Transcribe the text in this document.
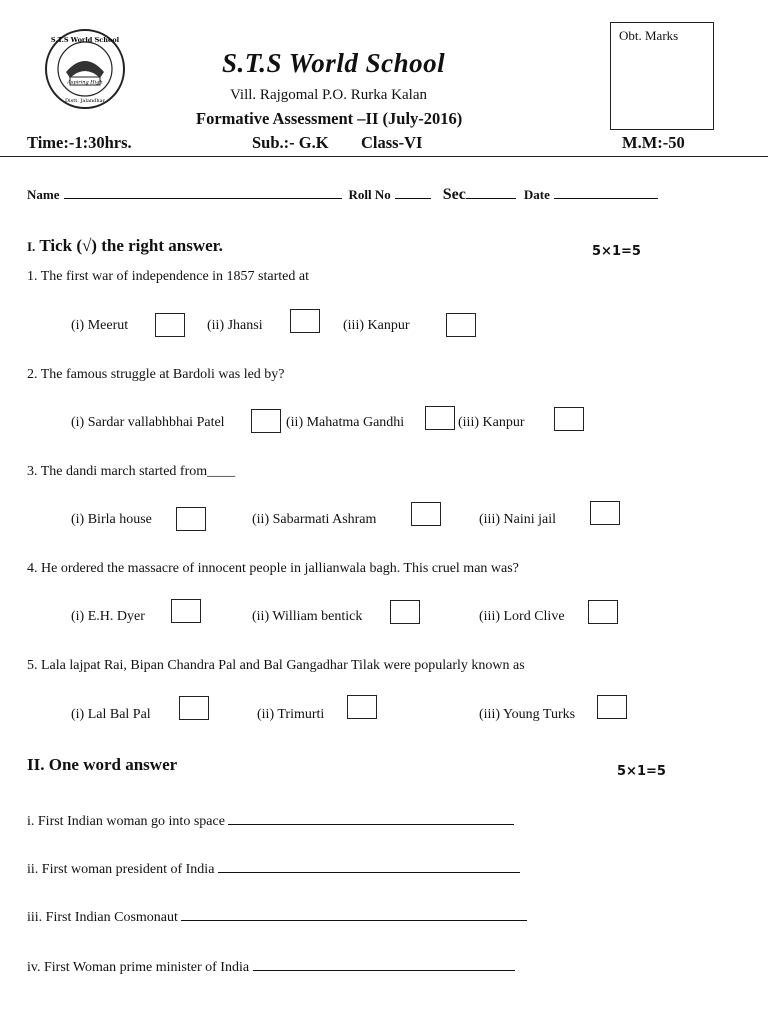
Aspiring High
S.T.S World School
Distt. Jalandhar
S.T.S World School
Vill. Rajgomal P.O. Rurka Kalan
Formative Assessment –II (July-2016)
Time:-1:30hrs.	Sub.:- G.K Class-VI	M.M:-50
Obt. Marks
Name	Roll No	Sec	Date
I. Tick (√) the right answer.	5×1=5
1. The first war of independence in 1857 started at
(i) Meerut	(ii) Jhansi	(iii) Kanpur
2. The famous struggle at Bardoli was led by?
(i) Sardar vallabhbhai Patel	(ii) Mahatma Gandhi	(iii) Kanpur
3. The dandi march started from____
(i) Birla house	(ii) Sabarmati Ashram	(iii) Naini jail
4. He ordered the massacre of innocent people in jallianwala bagh. This cruel man was?
(i) E.H. Dyer	(ii) William bentick	(iii) Lord Clive
5. Lala lajpat Rai, Bipan Chandra Pal and Bal Gangadhar Tilak were popularly known as
(i) Lal Bal Pal	(ii) Trimurti	(iii) Young Turks
II. One word answer	5×1=5
i. First Indian woman go into space
ii. First woman president of India
iii. First Indian Cosmonaut
iv. First Woman prime minister of India
